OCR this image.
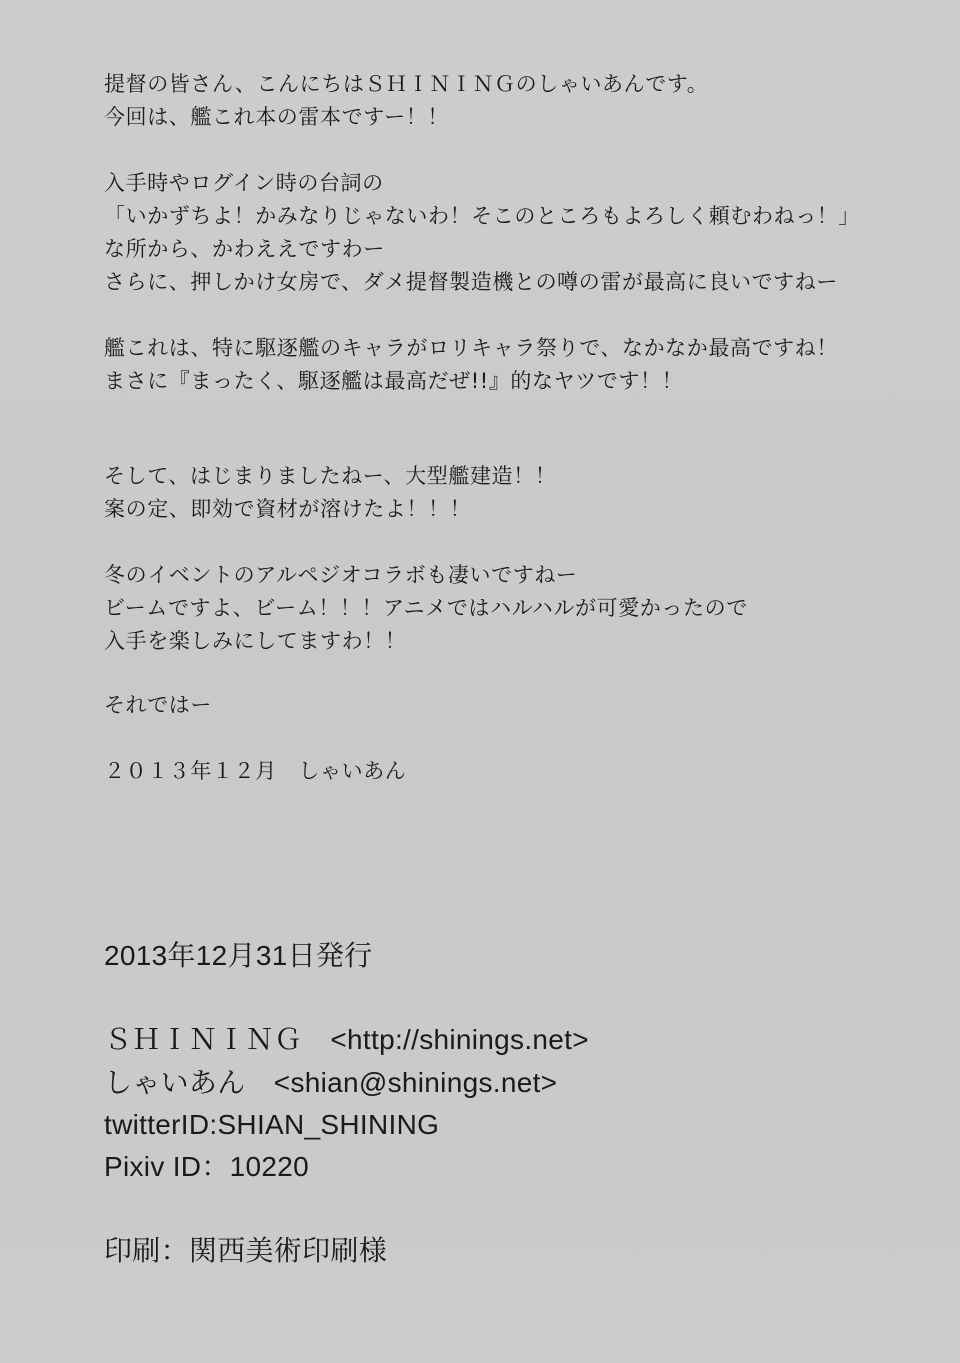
提督の皆さん、こんにちはＳＨＩＮＩＮＧのしゃいあんです。
今回は、艦これ本の雷本ですー！！
入手時やログイン時の台詞の
「いかずちよ！かみなりじゃないわ！そこのところもよろしく頼むわねっ！」
な所から、かわええですわー
さらに、押しかけ女房で、ダメ提督製造機との噂の雷が最高に良いですねー
艦これは、特に駆逐艦のキャラがロリキャラ祭りで、なかなか最高ですね！
まさに『まったく、駆逐艦は最高だぜ!!』的なヤツです！！
そして、はじまりましたねー、大型艦建造！！
案の定、即効で資材が溶けたよ！！！
冬のイベントのアルペジオコラボも凄いですねー
ビームですよ、ビーム！！！アニメではハルハルが可愛かったので
入手を楽しみにしてますわ！！
それではー
２０１３年１２月　しゃいあん
2013年12月31日発行
ＳＨＩＮＩＮＧ　<http://shinings.net>
しゃいあん　<shian@shinings.net>
twitterID:SHIAN_SHINING
Pixiv ID：10220
印刷：関西美術印刷様
